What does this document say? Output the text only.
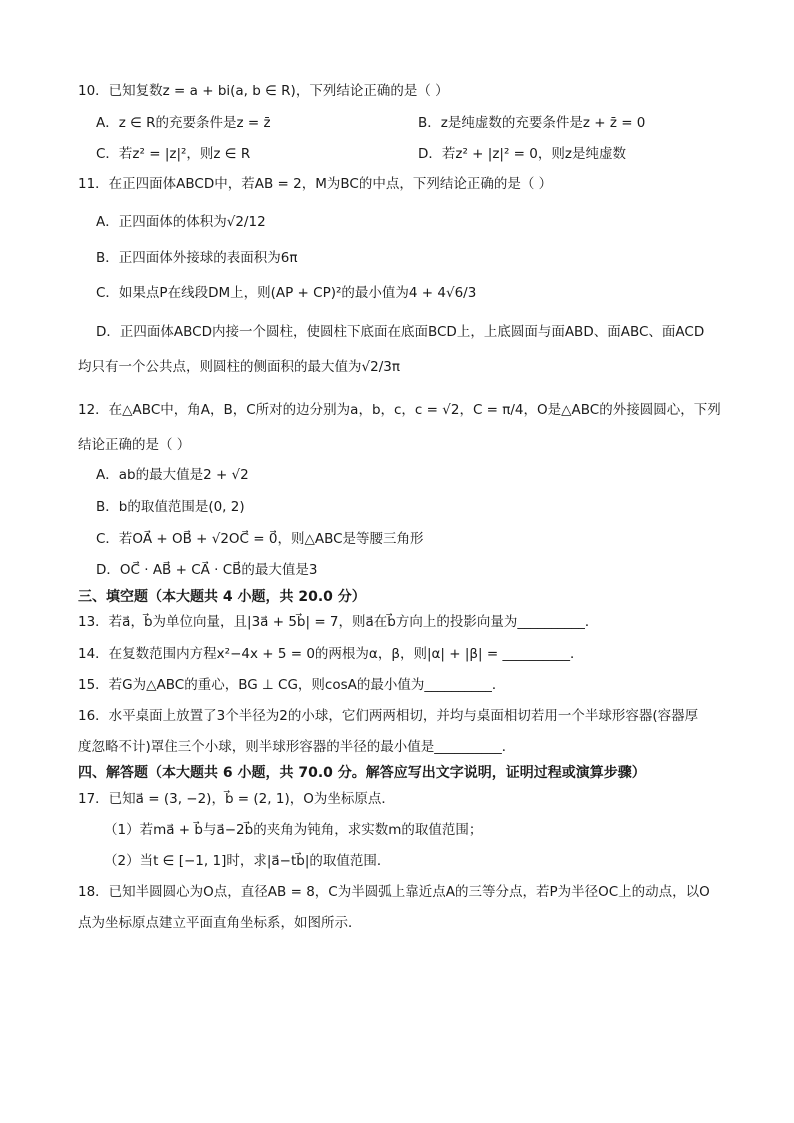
10．已知复数z = a + bi(a, b ∈ R)，下列结论正确的是（ ）
A．z ∈ R的充要条件是z = z̄	B．z是纯虚数的充要条件是z + z̄ = 0
C．若z² = |z|²，则z ∈ R	D．若z² + |z|² = 0，则z是纯虚数
11．在正四面体ABCD中，若AB = 2，M为BC的中点，下列结论正确的是（ ）
A．正四面体的体积为√2/12
B．正四面体外接球的表面积为6π
C．如果点P在线段DM上，则(AP + CP)²的最小值为4 + 4√6/3
D．正四面体ABCD内接一个圆柱，使圆柱下底面在底面BCD上，上底圆面与面ABD、面ABC、面ACD
均只有一个公共点，则圆柱的侧面积的最大值为√2/3π
12．在△ABC中，角A，B，C所对的边分别为a，b，c，c = √2，C = π/4，O是△ABC的外接圆圆心，下列
结论正确的是（ ）
A．ab的最大值是2 + √2
B．b的取值范围是(0, 2)
C．若OA⃗ + OB⃗ + √2OC⃗ = 0⃗，则△ABC是等腰三角形
D．OC⃗ · AB⃗ + CA⃗ · CB⃗的最大值是3
三、填空题（本大题共 4 小题，共 20.0 分）
13．若a⃗，b⃗为单位向量，且|3a⃗ + 5b⃗| = 7，则a⃗在b⃗方向上的投影向量为__________．
14．在复数范围内方程x²−4x + 5 = 0的两根为α，β，则|α| + |β| = __________．
15．若G为△ABC的重心，BG ⊥ CG，则cosA的最小值为__________．
16．水平桌面上放置了3个半径为2的小球，它们两两相切，并均与桌面相切若用一个半球形容器(容器厚
度忽略不计)罩住三个小球，则半球形容器的半径的最小值是__________．
四、解答题（本大题共 6 小题，共 70.0 分。解答应写出文字说明，证明过程或演算步骤）
17．已知a⃗ = (3, −2)，b⃗ = (2, 1)，O为坐标原点．
（1）若ma⃗ + b⃗与a⃗−2b⃗的夹角为钝角，求实数m的取值范围；
（2）当t ∈ [−1, 1]时，求|a⃗−tb⃗|的取值范围．
18．已知半圆圆心为O点，直径AB = 8，C为半圆弧上靠近点A的三等分点，若P为半径OC上的动点，以O
点为坐标原点建立平面直角坐标系，如图所示．
